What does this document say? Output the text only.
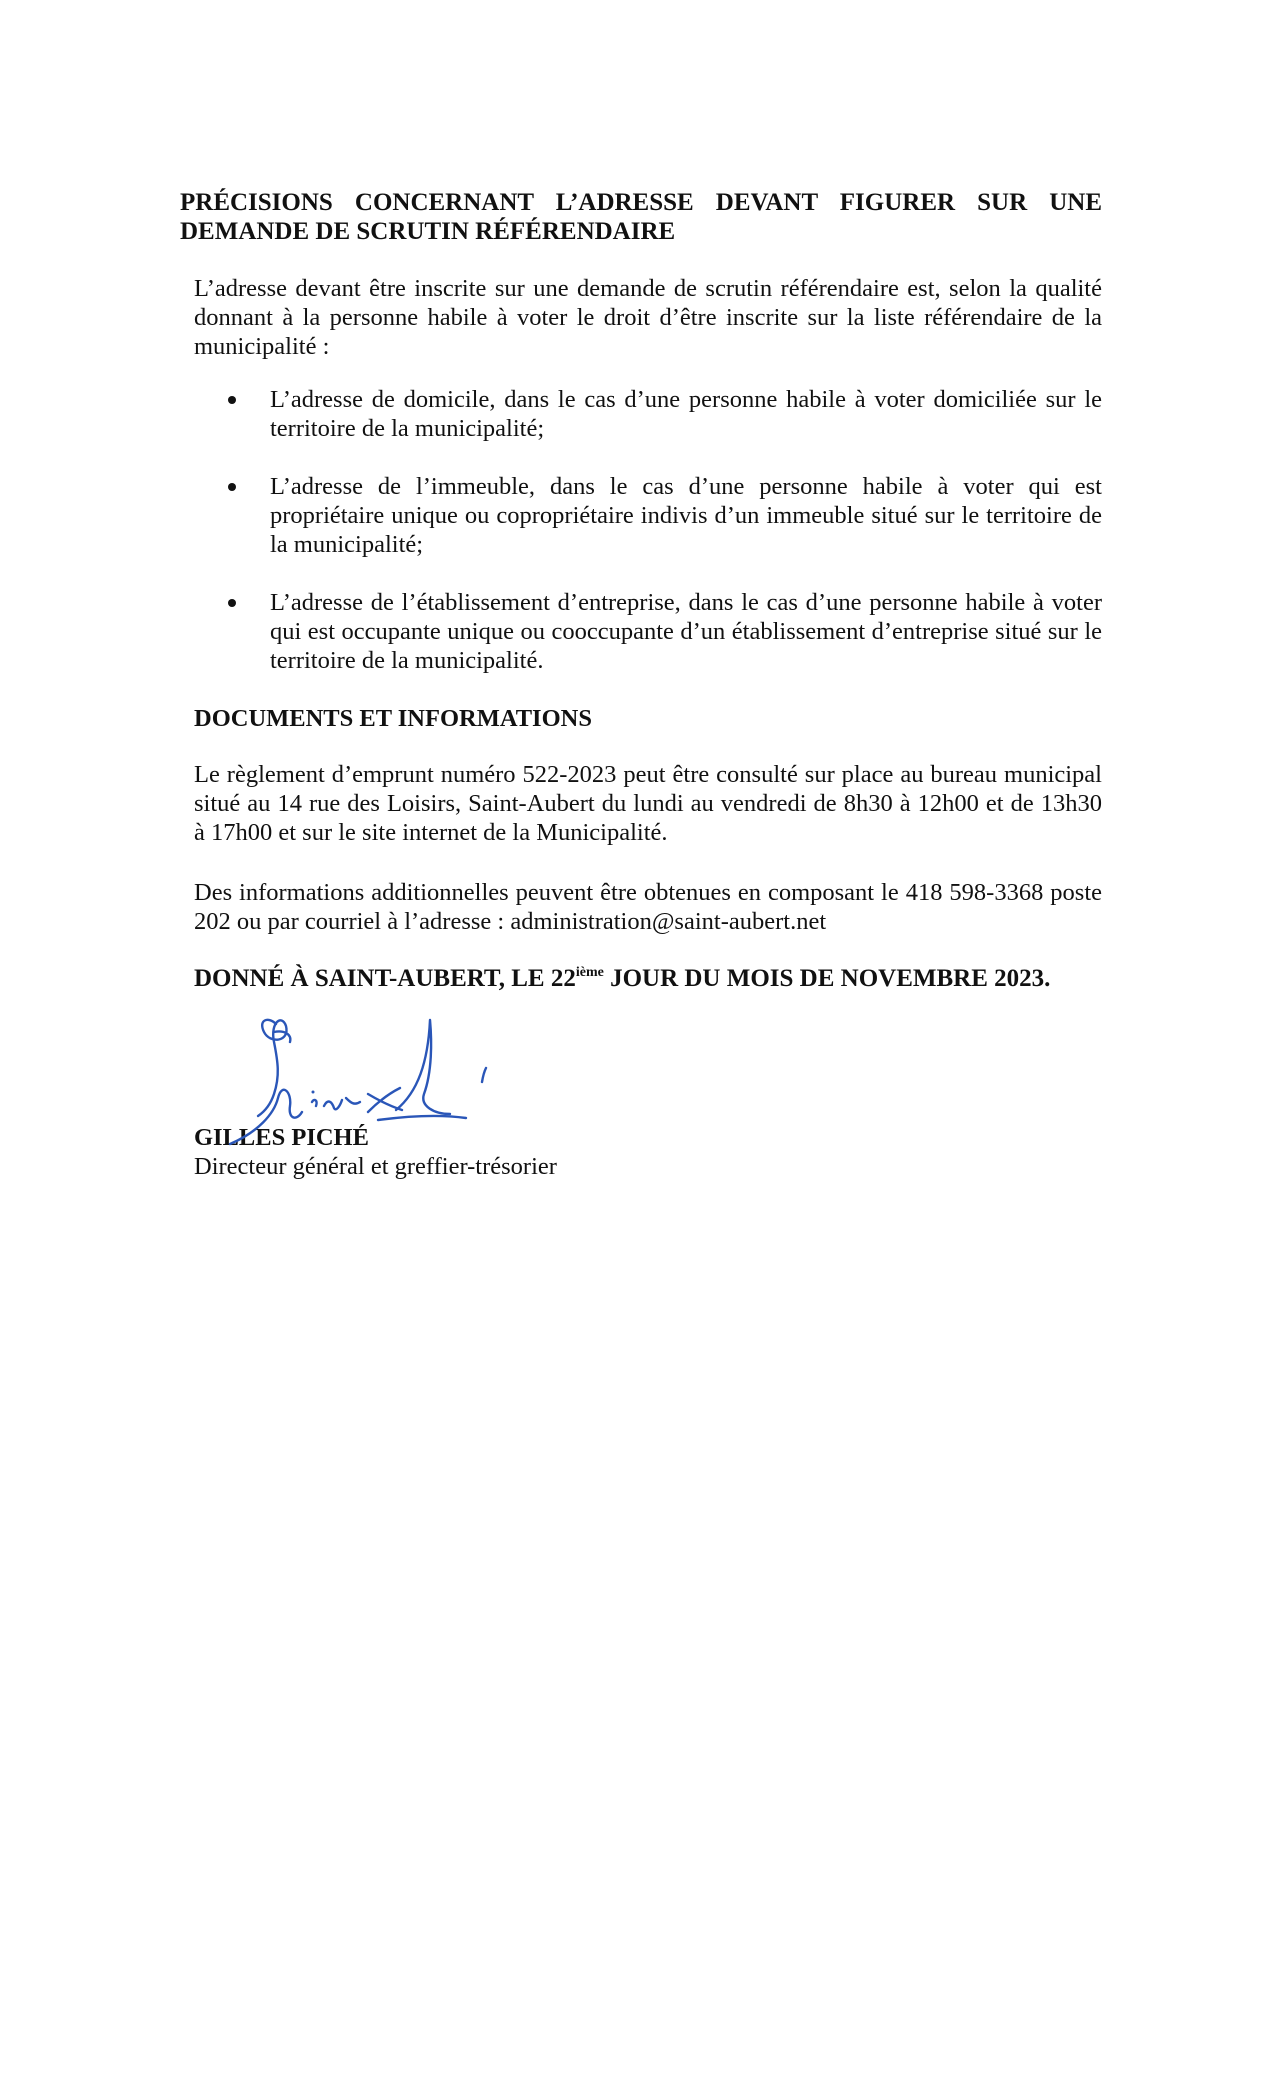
PRÉCISIONS CONCERNANT L’ADRESSE DEVANT FIGURER SUR UNE
DEMANDE DE SCRUTIN RÉFÉRENDAIRE

L’adresse devant être inscrite sur une demande de scrutin référendaire est, selon la qualité donnant à la personne habile à voter le droit d’être inscrite sur la liste référendaire de la municipalité :

L’adresse de domicile, dans le cas d’une personne habile à voter domiciliée sur le territoire de la municipalité;
L’adresse de l’immeuble, dans le cas d’une personne habile à voter qui est propriétaire unique ou copropriétaire indivis d’un immeuble situé sur le territoire de la municipalité;
L’adresse de l’établissement d’entreprise, dans le cas d’une personne habile à voter qui est occupante unique ou cooccupante d’un établissement d’entreprise situé sur le territoire de la municipalité.

DOCUMENTS ET INFORMATIONS

Le règlement d’emprunt numéro 522-2023 peut être consulté sur place au bureau municipal situé au 14 rue des Loisirs, Saint-Aubert du lundi au vendredi de 8h30 à 12h00 et de 13h30 à 17h00 et sur le site internet de la Municipalité.

Des informations additionnelles peuvent être obtenues en composant le 418 598-3368 poste 202 ou par courriel à l’adresse : administration@saint-aubert.net

DONNÉ À SAINT-AUBERT, LE 22ième JOUR DU MOIS DE NOVEMBRE 2023.

GILLES PICHÉ

Directeur général et greffier-trésorier
